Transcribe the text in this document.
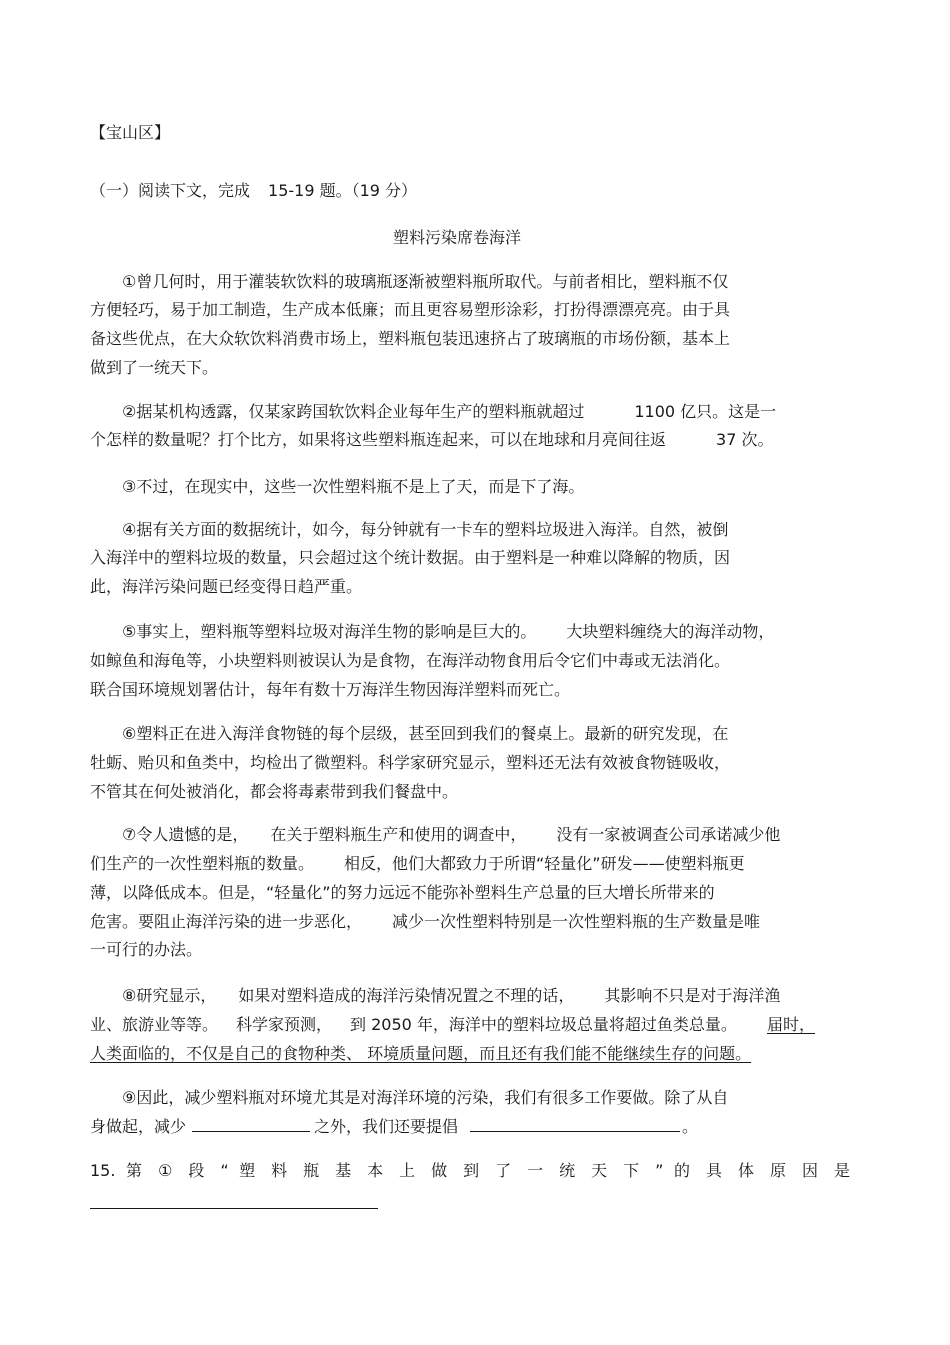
【宝山区】
（一）阅读下文，完成 15-19 题。（19 分）
塑料污染席卷海洋
①曾几何时，用于灌装软饮料的玻璃瓶逐渐被塑料瓶所取代。与前者相比，塑料瓶不仅
方便轻巧，易于加工制造，生产成本低廉；而且更容易塑形涂彩，打扮得漂漂亮亮。由于具
备这些优点，在大众软饮料消费市场上，塑料瓶包装迅速挤占了玻璃瓶的市场份额，基本上
做到了一统天下。
②据某机构透露，仅某家跨国软饮料企业每年生产的塑料瓶就超过	1100 亿只。这是一
个怎样的数量呢？打个比方，如果将这些塑料瓶连起来，可以在地球和月亮间往返	37 次。
③不过，在现实中，这些一次性塑料瓶不是上了天，而是下了海。
④据有关方面的数据统计，如今，每分钟就有一卡车的塑料垃圾进入海洋。自然，被倒
入海洋中的塑料垃圾的数量，只会超过这个统计数据。由于塑料是一种难以降解的物质，因
此，海洋污染问题已经变得日趋严重。
⑤事实上，塑料瓶等塑料垃圾对海洋生物的影响是巨大的。 大块塑料缠绕大的海洋动物，
如鲸鱼和海龟等，小块塑料则被误认为是食物，在海洋动物食用后令它们中毒或无法消化。
联合国环境规划署估计，每年有数十万海洋生物因海洋塑料而死亡。
⑥塑料正在进入海洋食物链的每个层级，甚至回到我们的餐桌上。最新的研究发现，在
牡蛎、贻贝和鱼类中，均检出了微塑料。科学家研究显示，塑料还无法有效被食物链吸收，
不管其在何处被消化，都会将毒素带到我们餐盘中。
⑦令人遗憾的是， 在关于塑料瓶生产和使用的调查中， 没有一家被调查公司承诺减少他
们生产的一次性塑料瓶的数量。 相反，他们大都致力于所谓“轻量化”研发——使塑料瓶更
薄，以降低成本。但是，“轻量化”的努力远远不能弥补塑料生产总量的巨大增长所带来的
危害。要阻止海洋污染的进一步恶化， 减少一次性塑料特别是一次性塑料瓶的生产数量是唯
一可行的办法。
⑧研究显示， 如果对塑料造成的海洋污染情况置之不理的话， 其影响不只是对于海洋渔
业、旅游业等等。 科学家预测， 到 2050 年，海洋中的塑料垃圾总量将超过鱼类总量。 届时，
人类面临的，不仅是自己的食物种类、 环境质量问题，而且还有我们能不能继续生存的问题。
⑨因此，减少塑料瓶对环境尤其是对海洋环境的污染，我们有很多工作要做。除了从自
身做起，减少	之外，我们还要提倡	。
15. 第 ① 段 “ 塑 料 瓶 基 本 上 做 到 了 一 统 天 下 ” 的 具 体 原 因 是
